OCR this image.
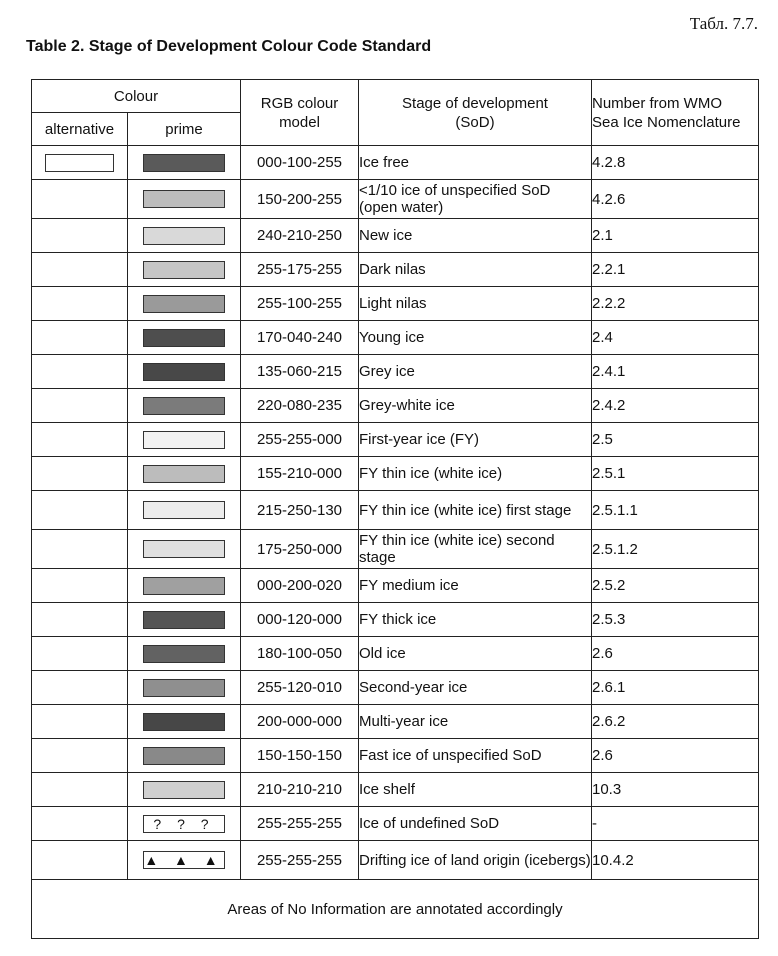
Табл. 7.7.
Table 2. Stage of Development Colour Code Standard
Colour		RGB colour model	Stage of development (SoD)	Number from WMO Sea Ice Nomenclature
alternative	prime			
		000-100-255	Ice free	4.2.8
		150-200-255	<1/10 ice of unspecified SoD (open water)	4.2.6
		240-210-250	New ice	2.1
		255-175-255	Dark nilas	2.2.1
		255-100-255	Light nilas	2.2.2
		170-040-240	Young ice	2.4
		135-060-215	Grey ice	2.4.1
		220-080-235	Grey-white ice	2.4.2
		255-255-000	First-year ice (FY)	2.5
		155-210-000	FY thin ice (white ice)	2.5.1
		215-250-130	FY thin ice (white ice) first stage	2.5.1.1
		175-250-000	FY thin ice (white ice) second stage	2.5.1.2
		000-200-020	FY medium ice	2.5.2
		000-120-000	FY thick ice	2.5.3
		180-100-050	Old ice	2.6
		255-120-010	Second-year ice	2.6.1
		200-000-000	Multi-year ice	2.6.2
		150-150-150	Fast ice of unspecified SoD	2.6
		210-210-210	Ice shelf	10.3
	? ? ?	255-255-255	Ice of undefined SoD	-
	▲ ▲ ▲	255-255-255	Drifting ice of land origin (icebergs)	10.4.2
Areas of No Information are annotated accordingly				
